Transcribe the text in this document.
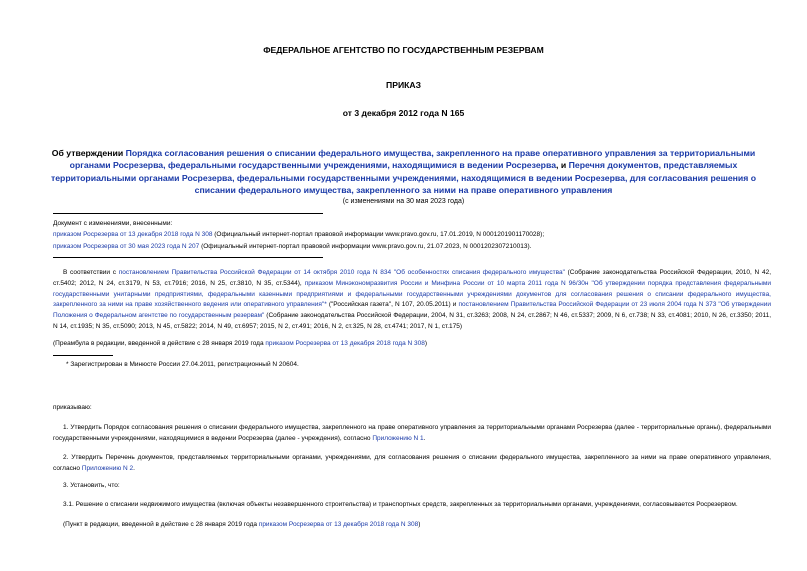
ФЕДЕРАЛЬНОЕ АГЕНТСТВО ПО ГОСУДАРСТВЕННЫМ РЕЗЕРВАМ
ПРИКАЗ
от 3 декабря 2012 года N 165
Об утверждении Порядка согласования решения о списании федерального имущества, закрепленного на праве оперативного управления за территориальными органами Росрезерва, федеральными государственными учреждениями, находящимися в ведении Росрезерва, и Перечня документов, представляемых территориальными органами Росрезерва, федеральными государственными учреждениями, находящимися в ведении Росрезерва, для согласования решения о списании федерального имущества, закрепленного за ними на праве оперативного управления
(с изменениями на 30 мая 2023 года)
Документ с изменениями, внесенными:
приказом Росрезерва от 13 декабря 2018 года N 308 (Официальный интернет-портал правовой информации www.pravo.gov.ru, 17.01.2019, N 0001201901170028);
приказом Росрезерва от 30 мая 2023 года N 207 (Официальный интернет-портал правовой информации www.pravo.gov.ru, 21.07.2023, N 0001202307210013).
В соответствии с постановлением Правительства Российской Федерации от 14 октября 2010 года N 834 "Об особенностях списания федерального имущества" (Собрание законодательства Российской Федерации, 2010, N 42, ст.5402; 2012, N 24, ст.3179, N 53, ст.7916; 2016, N 25, ст.3810, N 35, ст.5344), приказом Минэкономразвития России и Минфина России от 10 марта 2011 года N 96/30н "Об утверждении порядка представления федеральными государственными унитарными предприятиями, федеральными казенными предприятиями и федеральными государственными учреждениями документов для согласования решения о списании федерального имущества, закрепленного за ними на праве хозяйственного ведения или оперативного управления"* ("Российская газета", N 107, 20.05.2011) и постановлением Правительства Российской Федерации от 23 июля 2004 года N 373 "Об утверждении Положения о Федеральном агентстве по государственным резервам" (Собрание законодательства Российской Федерации, 2004, N 31, ст.3263; 2008, N 24, ст.2867; N 46, ст.5337; 2009, N 6, ст.738; N 33, ст.4081; 2010, N 26, ст.3350; 2011, N 14, ст.1935; N 35, ст.5090; 2013, N 45, ст.5822; 2014, N 49, ст.6957; 2015, N 2, ст.491; 2016, N 2, ст.325, N 28, ст.4741; 2017, N 1, ст.175)
(Преамбула в редакции, введенной в действие с 28 января 2019 года приказом Росрезерва от 13 декабря 2018 года N 308)
* Зарегистрирован в Минюсте России 27.04.2011, регистрационный N 20604.
приказываю:
1. Утвердить Порядок согласования решения о списании федерального имущества, закрепленного на праве оперативного управления за территориальными органами Росрезерва (далее - территориальные органы), федеральными государственными учреждениями, находящимися в ведении Росрезерва (далее - учреждения), согласно Приложению N 1.
2. Утвердить Перечень документов, представляемых территориальными органами, учреждениями, для согласования решения о списании федерального имущества, закрепленного за ними на праве оперативного управления, согласно Приложению N 2.
3. Установить, что:
3.1. Решение о списании недвижимого имущества (включая объекты незавершенного строительства) и транспортных средств, закрепленных за территориальными органами, учреждениями, согласовывается Росрезервом.
(Пункт в редакции, введенной в действие с 28 января 2019 года приказом Росрезерва от 13 декабря 2018 года N 308)
